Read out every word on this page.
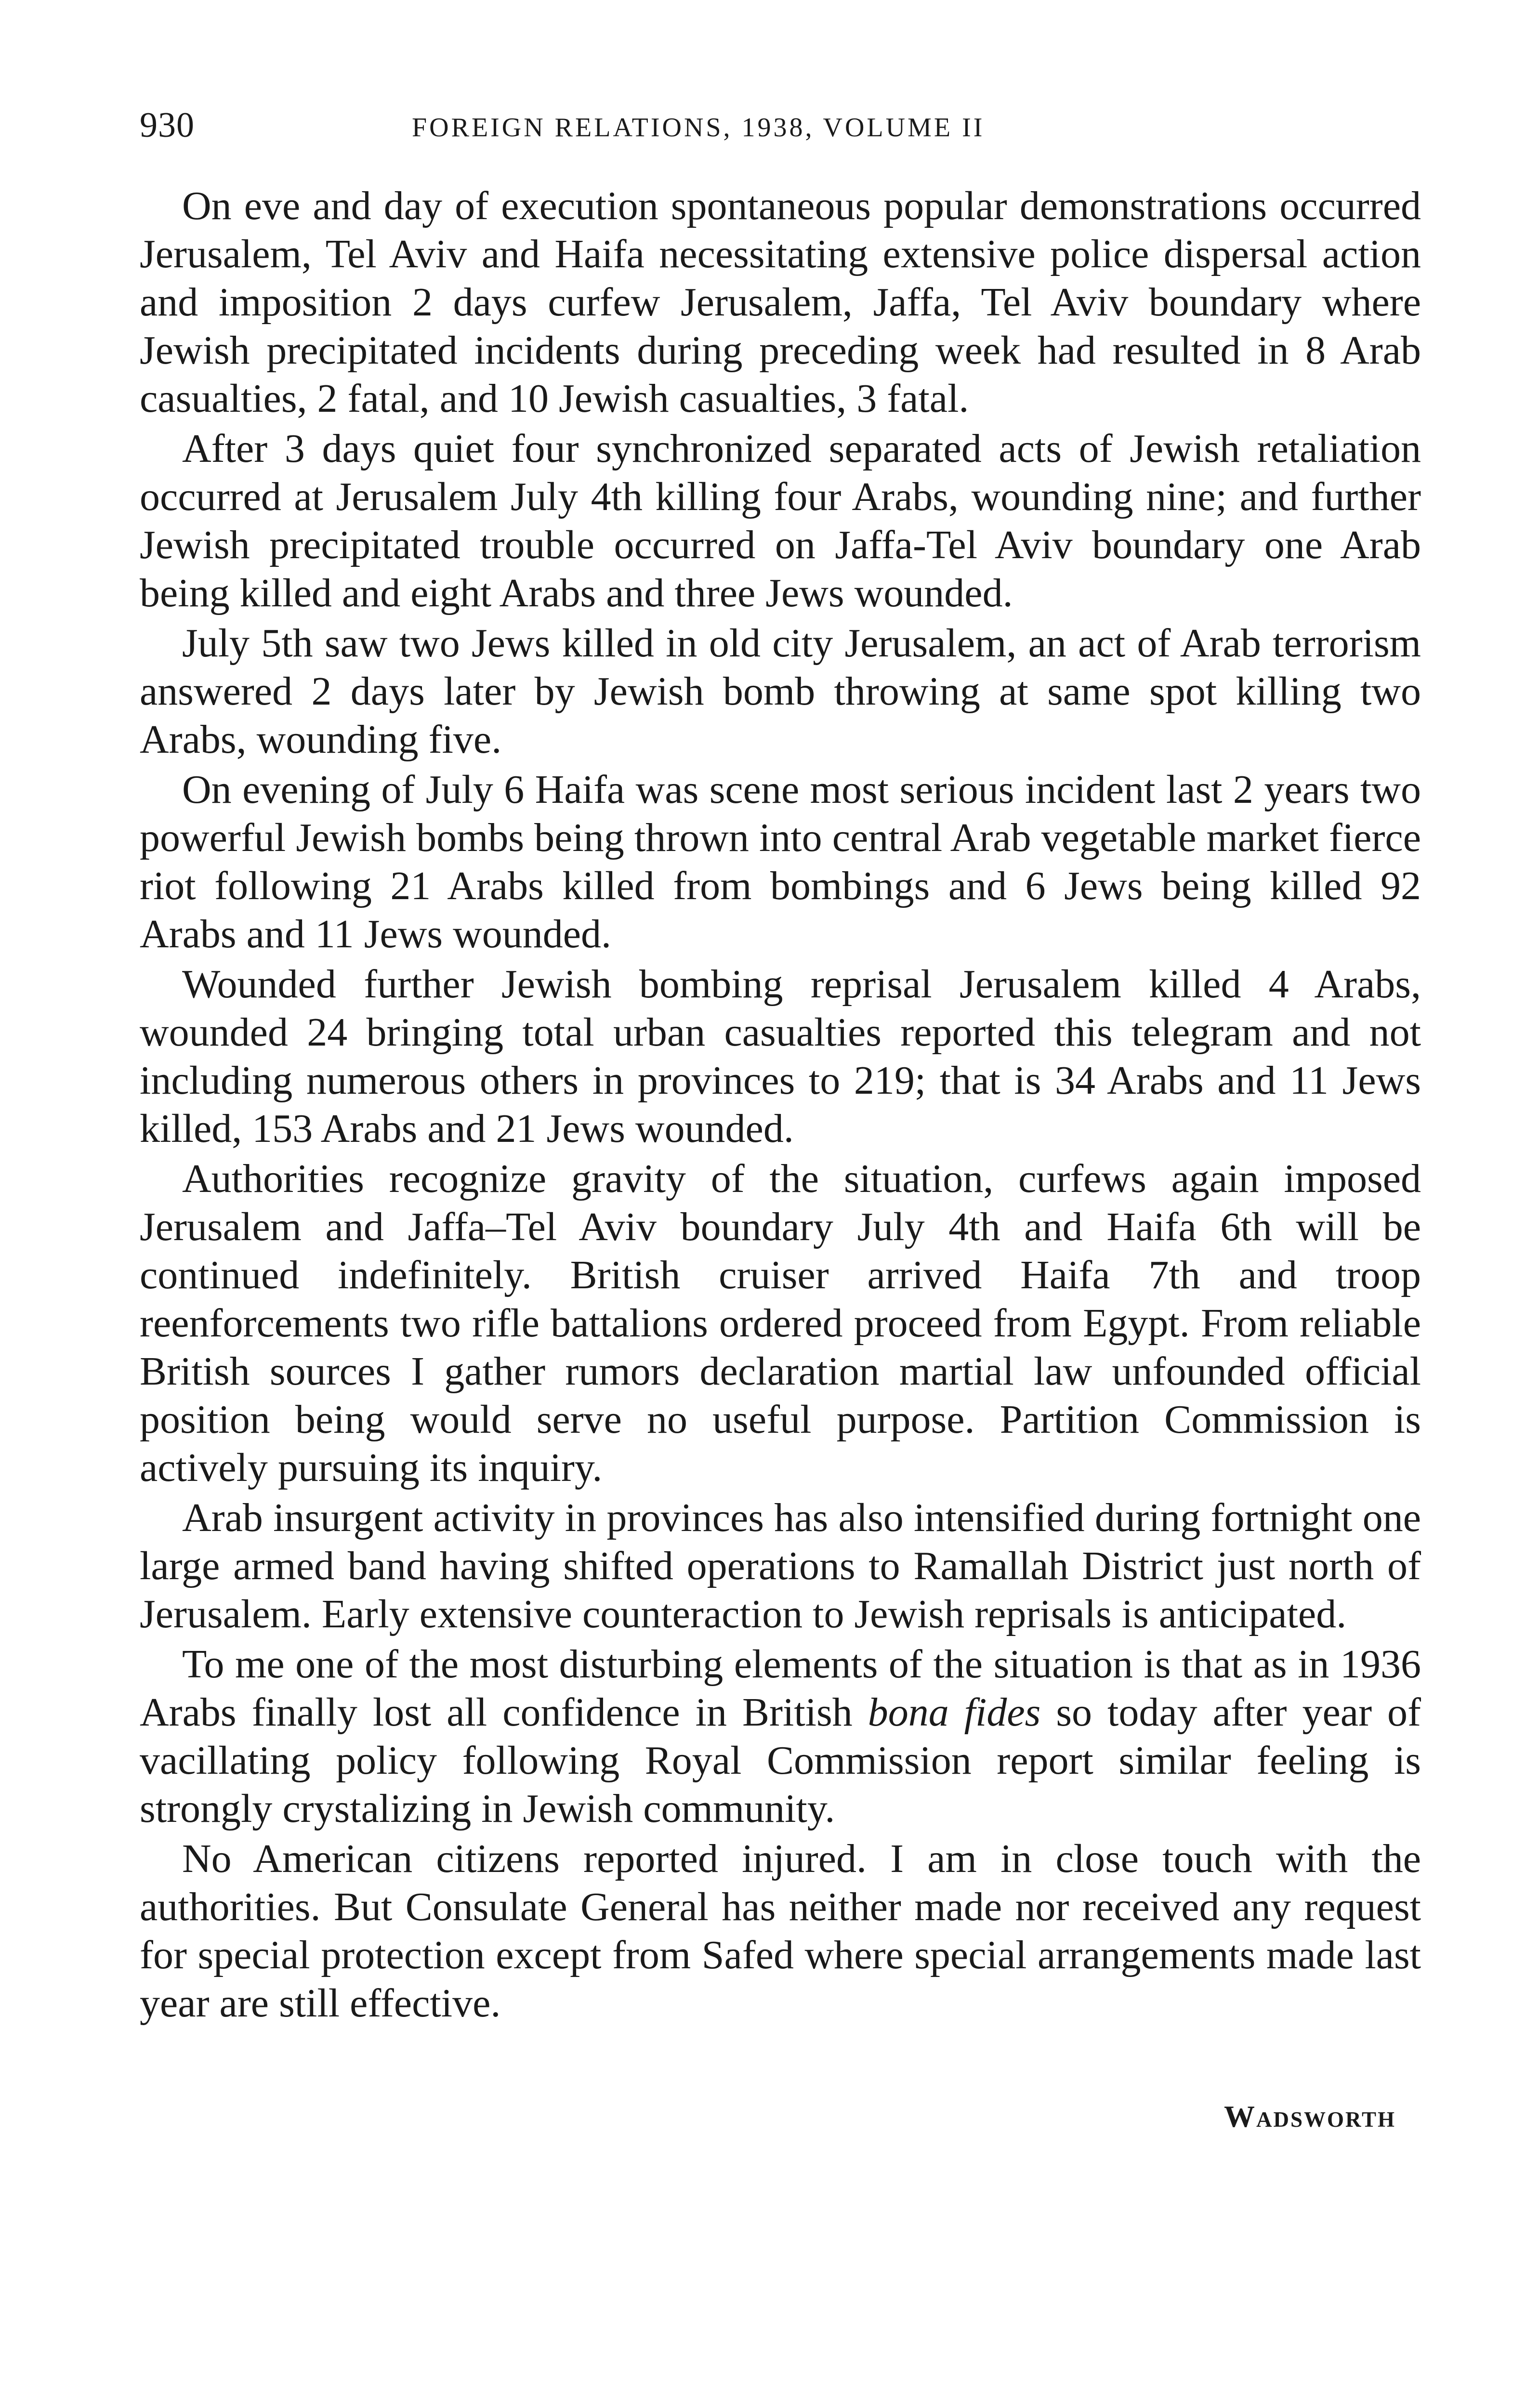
930	FOREIGN RELATIONS, 1938, VOLUME II

On eve and day of execution spontaneous popular demonstrations occurred Jerusalem, Tel Aviv and Haifa necessitating extensive police dispersal action and imposition 2 days curfew Jerusalem, Jaffa, Tel Aviv boundary where Jewish precipitated incidents during preceding week had resulted in 8 Arab casualties, 2 fatal, and 10 Jewish casualties, 3 fatal.

After 3 days quiet four synchronized separated acts of Jewish retaliation occurred at Jerusalem July 4th killing four Arabs, wounding nine; and further Jewish precipitated trouble occurred on Jaffa-Tel Aviv boundary one Arab being killed and eight Arabs and three Jews wounded.

July 5th saw two Jews killed in old city Jerusalem, an act of Arab terrorism answered 2 days later by Jewish bomb throwing at same spot killing two Arabs, wounding five.

On evening of July 6 Haifa was scene most serious incident last 2 years two powerful Jewish bombs being thrown into central Arab vegetable market fierce riot following 21 Arabs killed from bombings and 6 Jews being killed 92 Arabs and 11 Jews wounded.

Wounded further Jewish bombing reprisal Jerusalem killed 4 Arabs, wounded 24 bringing total urban casualties reported this telegram and not including numerous others in provinces to 219; that is 34 Arabs and 11 Jews killed, 153 Arabs and 21 Jews wounded.

Authorities recognize gravity of the situation, curfews again imposed Jerusalem and Jaffa–Tel Aviv boundary July 4th and Haifa 6th will be continued indefinitely. British cruiser arrived Haifa 7th and troop reenforcements two rifle battalions ordered proceed from Egypt. From reliable British sources I gather rumors declaration martial law unfounded official position being would serve no useful purpose. Partition Commission is actively pursuing its inquiry.

Arab insurgent activity in provinces has also intensified during fortnight one large armed band having shifted operations to Ramallah District just north of Jerusalem. Early extensive counteraction to Jewish reprisals is anticipated.

To me one of the most disturbing elements of the situation is that as in 1936 Arabs finally lost all confidence in British bona fides so today after year of vacillating policy following Royal Commission report similar feeling is strongly crystalizing in Jewish community.

No American citizens reported injured. I am in close touch with the authorities. But Consulate General has neither made nor received any request for special protection except from Safed where special arrangements made last year are still effective.

Wadsworth
